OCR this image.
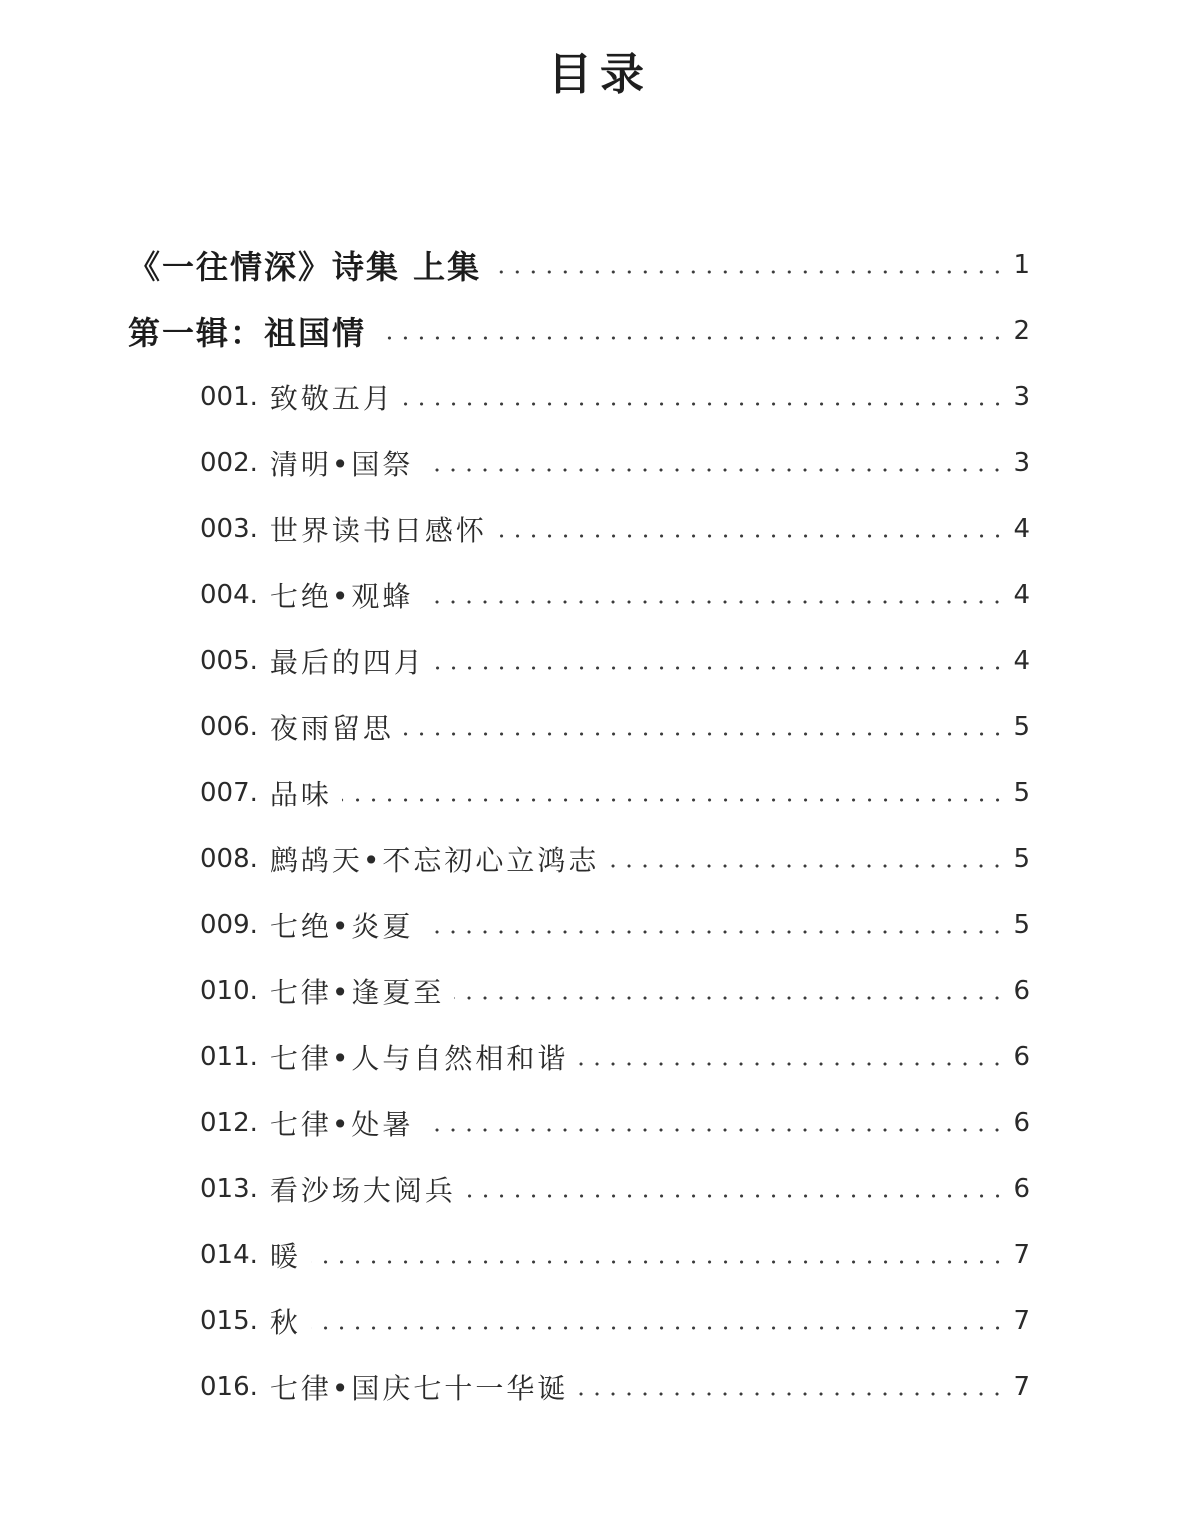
目录
《一往情深》诗集 上集	1
第一辑：祖国情	2
001. 致敬五月	3
002. 清明•国祭	3
003. 世界读书日感怀	4
004. 七绝•观蜂	4
005. 最后的四月	4
006. 夜雨留思	5
007. 品味	5
008. 鹧鸪天•不忘初心立鸿志	5
009. 七绝•炎夏	5
010. 七律•逢夏至	6
011. 七律•人与自然相和谐	6
012. 七律•处暑	6
013. 看沙场大阅兵	6
014. 暖	7
015. 秋	7
016. 七律•国庆七十一华诞	7
